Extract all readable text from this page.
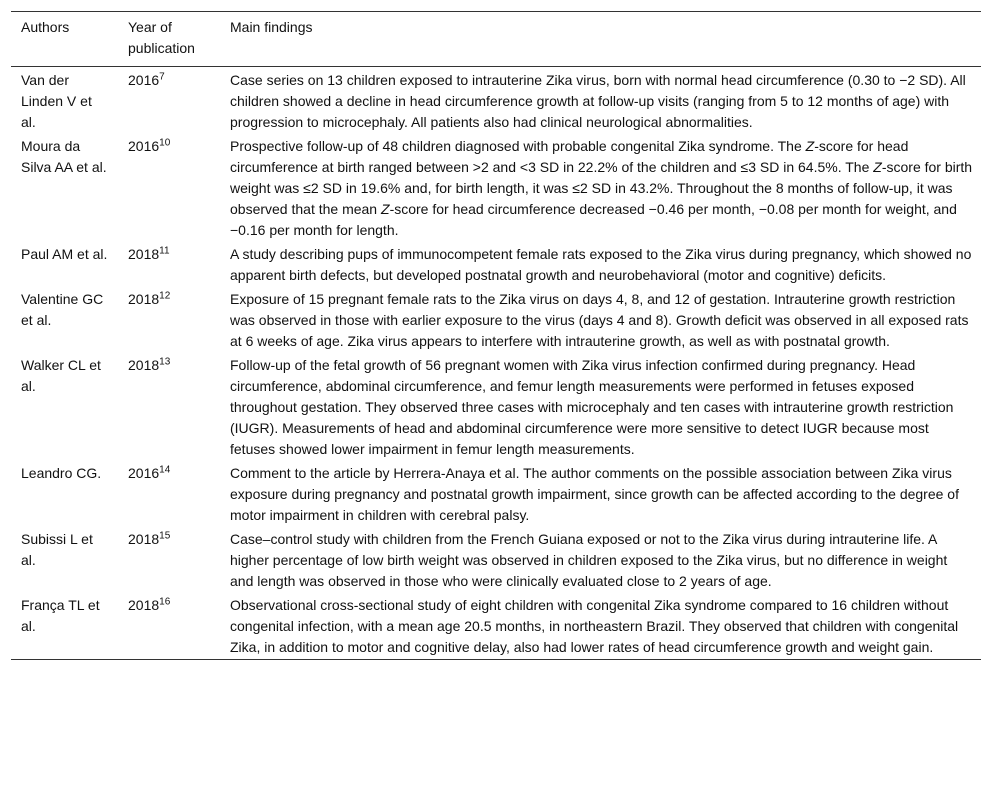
Authors	Year of publication	Main findings
Van der Linden V et al.	2016$^7$	Case series on 13 children exposed to intrauterine Zika virus, born with normal head circumference (0.30 to −2 SD). All children showed a decline in head circumference growth at follow-up visits (ranging from 5 to 12 months of age) with progression to microcephaly. All patients also had clinical neurological abnormalities.
Moura da Silva AA et al.	2016$^{10}$	Prospective follow-up of 48 children diagnosed with probable congenital Zika syndrome. The Z-score for head circumference at birth ranged between >2 and <3 SD in 22.2% of the children and ≤3 SD in 64.5%. The Z-score for birth weight was ≤2 SD in 19.6% and, for birth length, it was ≤2 SD in 43.2%. Throughout the 8 months of follow-up, it was observed that the mean Z-score for head circumference decreased −0.46 per month, −0.08 per month for weight, and −0.16 per month for length.
Paul AM et al.	2018$^{11}$	A study describing pups of immunocompetent female rats exposed to the Zika virus during pregnancy, which showed no apparent birth defects, but developed postnatal growth and neurobehavioral (motor and cognitive) deficits.
Valentine GC et al.	2018$^{12}$	Exposure of 15 pregnant female rats to the Zika virus on days 4, 8, and 12 of gestation. Intrauterine growth restriction was observed in those with earlier exposure to the virus (days 4 and 8). Growth deficit was observed in all exposed rats at 6 weeks of age. Zika virus appears to interfere with intrauterine growth, as well as with postnatal growth.
Walker CL et al.	2018$^{13}$	Follow-up of the fetal growth of 56 pregnant women with Zika virus infection confirmed during pregnancy. Head circumference, abdominal circumference, and femur length measurements were performed in fetuses exposed throughout gestation. They observed three cases with microcephaly and ten cases with intrauterine growth restriction (IUGR). Measurements of head and abdominal circumference were more sensitive to detect IUGR because most fetuses showed lower impairment in femur length measurements.
Leandro CG.	2016$^{14}$	Comment to the article by Herrera-Anaya et al. The author comments on the possible association between Zika virus exposure during pregnancy and postnatal growth impairment, since growth can be affected according to the degree of motor impairment in children with cerebral palsy.
Subissi L et al.	2018$^{15}$	Case–control study with children from the French Guiana exposed or not to the Zika virus during intrauterine life. A higher percentage of low birth weight was observed in children exposed to the Zika virus, but no difference in weight and length was observed in those who were clinically evaluated close to 2 years of age.
França TL et al.	2018$^{16}$	Observational cross-sectional study of eight children with congenital Zika syndrome compared to 16 children without congenital infection, with a mean age 20.5 months, in northeastern Brazil. They observed that children with congenital Zika, in addition to motor and cognitive delay, also had lower rates of head circumference growth and weight gain.
